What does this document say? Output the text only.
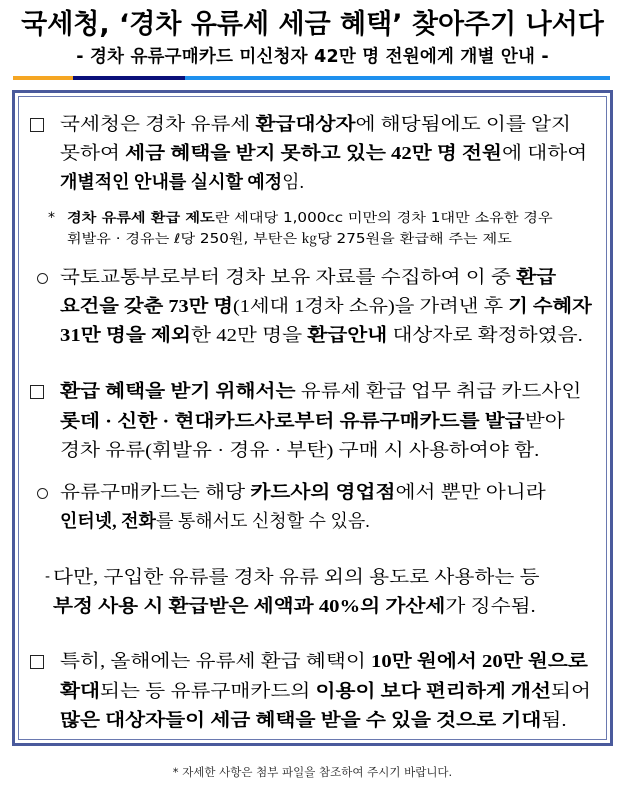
국세청, ‘경차 유류세 세금 혜택’ 찾아주기 나서다
- 경차 유류구매카드 미신청자 42만 명 전원에게 개별 안내 -
국세청은 경차 유류세 환급대상자에 해당됨에도 이를 알지
못하여 세금 혜택을 받지 못하고 있는 42만 명 전원에 대하여
개별적인 안내를 실시할 예정임.
* 경차 유류세 환급 제도란 세대당 1,000cc 미만의 경차 1대만 소유한 경우
휘발유 · 경유는 ℓ당 250원, 부탄은 ㎏당 275원을 환급해 주는 제도
국토교통부로부터 경차 보유 자료를 수집하여 이 중 환급
요건을 갖춘 73만 명(1세대 1경차 소유)을 가려낸 후 기 수혜자
31만 명을 제외한 42만 명을 환급안내 대상자로 확정하였음.
환급 혜택을 받기 위해서는 유류세 환급 업무 취급 카드사인
롯데 · 신한 · 현대카드사로부터 유류구매카드를 발급받아
경차 유류(휘발유 · 경유 · 부탄) 구매 시 사용하여야 함.
유류구매카드는 해당 카드사의 영업점에서 뿐만 아니라
인터넷, 전화를 통해서도 신청할 수 있음.
- 다만, 구입한 유류를 경차 유류 외의 용도로 사용하는 등
부정 사용 시 환급받은 세액과 40%의 가산세가 징수됨.
특히, 올해에는 유류세 환급 혜택이 10만 원에서 20만 원으로
확대되는 등 유류구매카드의 이용이 보다 편리하게 개선되어
많은 대상자들이 세금 혜택을 받을 수 있을 것으로 기대됨.
* 자세한 사항은 첨부 파일을 참조하여 주시기 바랍니다.
